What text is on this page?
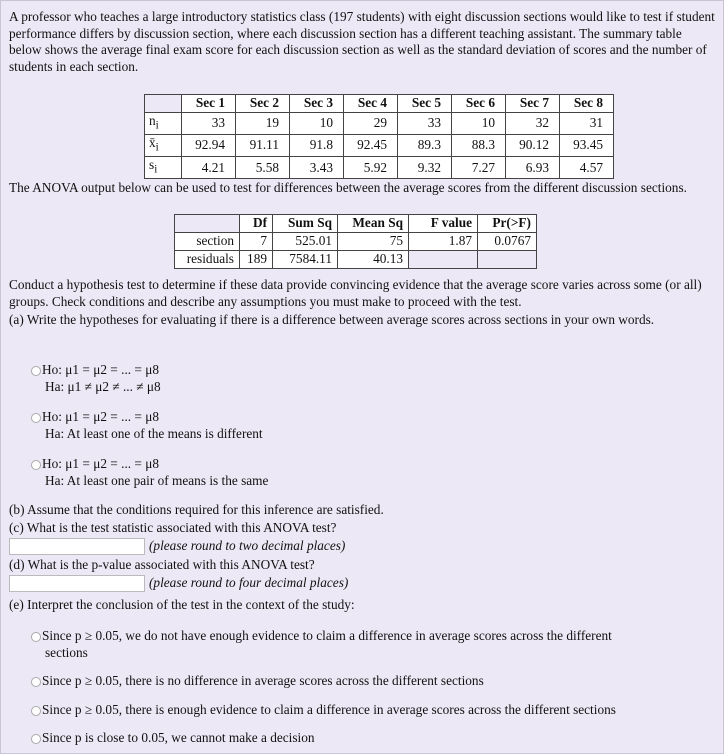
A professor who teaches a large introductory statistics class (197 students) with eight discussion sections would like to test if student performance differs by discussion section, where each discussion section has a different teaching assistant. The summary table below shows the average final exam score for each discussion section as well as the standard deviation of scores and the number of students in each section.
	Sec 1	Sec 2	Sec 3	Sec 4	Sec 5	Sec 6	Sec 7	Sec 8
$n_i$	33	19	10	29	33	10	32	31
$x̄_i$	92.94	91.11	91.8	92.45	89.3	88.3	90.12	93.45
$s_i$	4.21	5.58	3.43	5.92	9.32	7.27	6.93	4.57
The ANOVA output below can be used to test for differences between the average scores from the different discussion sections.
	Df	Sum Sq	Mean Sq	F value	Pr(>F)
section	7	525.01	75	1.87	0.0767
residuals	189	7584.11	40.13		
Conduct a hypothesis test to determine if these data provide convincing evidence that the average score varies across some (or all) groups. Check conditions and describe any assumptions you must make to proceed with the test.
(a) Write the hypotheses for evaluating if there is a difference between average scores across sections in your own words.
Ho: μ1 = μ2 = ... = μ8
Ha: μ1 ≠ μ2 ≠ ... ≠ μ8
Ho: μ1 = μ2 = ... = μ8
Ha: At least one of the means is different
Ho: μ1 = μ2 = ... = μ8
Ha: At least one pair of means is the same
(b) Assume that the conditions required for this inference are satisfied.
(c) What is the test statistic associated with this ANOVA test?
(please round to two decimal places)
(d) What is the p-value associated with this ANOVA test?
(please round to four decimal places)
(e) Interpret the conclusion of the test in the context of the study:
Since p ≥ 0.05, we do not have enough evidence to claim a difference in average scores across the different
sections
Since p ≥ 0.05, there is no difference in average scores across the different sections
Since p ≥ 0.05, there is enough evidence to claim a difference in average scores across the different sections
Since p is close to 0.05, we cannot make a decision
